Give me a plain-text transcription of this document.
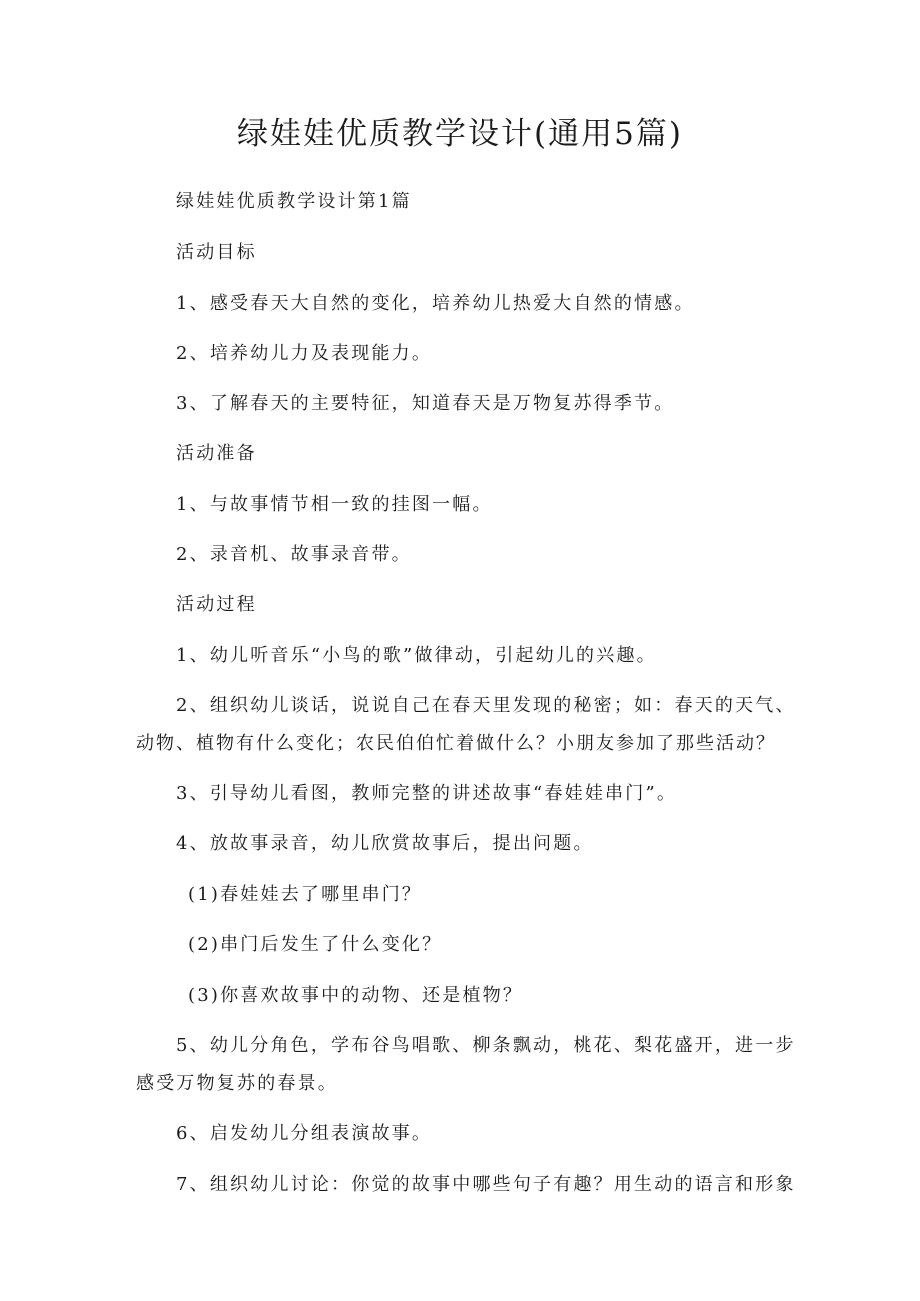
绿娃娃优质教学设计(通用5篇)
绿娃娃优质教学设计第1篇
活动目标
1、感受春天大自然的变化，培养幼儿热爱大自然的情感。
2、培养幼儿力及表现能力。
3、了解春天的主要特征，知道春天是万物复苏得季节。
活动准备
1、与故事情节相一致的挂图一幅。
2、录音机、故事录音带。
活动过程
1、幼儿听音乐“小鸟的歌”做律动，引起幼儿的兴趣。
2、组织幼儿谈话，说说自己在春天里发现的秘密；如：春天的天气、
动物、植物有什么变化；农民伯伯忙着做什么？小朋友参加了那些活动？
3、引导幼儿看图，教师完整的讲述故事“春娃娃串门”。
4、放故事录音，幼儿欣赏故事后，提出问题。
(1)春娃娃去了哪里串门？
(2)串门后发生了什么变化？
(3)你喜欢故事中的动物、还是植物？
5、幼儿分角色，学布谷鸟唱歌、柳条飘动，桃花、梨花盛开，进一步
感受万物复苏的春景。
6、启发幼儿分组表演故事。
7、组织幼儿讨论：你觉的故事中哪些句子有趣？用生动的语言和形象
